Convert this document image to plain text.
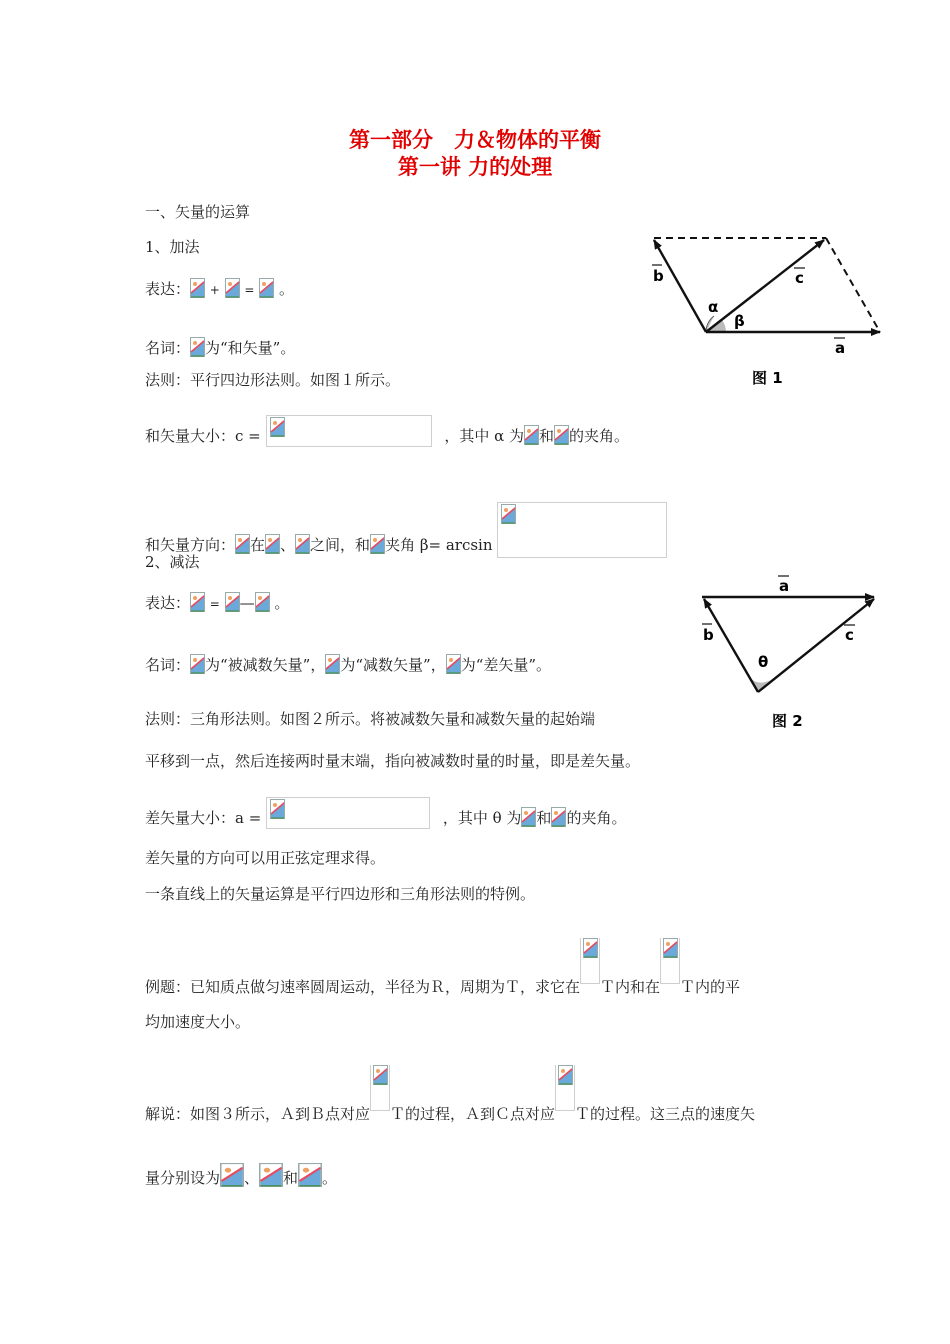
第一部分　力＆物体的平衡
第一讲 力的处理
一、矢量的运算
1、加法
表达： + = 。
名词： 为“和矢量”。
法则：平行四边形法则。如图１所示。
和矢量大小：c =	，其中 α 为 和 的夹角。
和矢量方向： 在 、 之间，和 夹角 β= arcsin
2、减法
表达： = — 。
名词： 为“被减数矢量”， 为“减数矢量”， 为“差矢量”。
法则：三角形法则。如图２所示。将被减数矢量和减数矢量的起始端
平移到一点，然后连接两时量末端，指向被减数时量的时量，即是差矢量。
差矢量大小：a =	，其中 θ 为 和 的夹角。
差矢量的方向可以用正弦定理求得。
一条直线上的矢量运算是平行四边形和三角形法则的特例。
例题：已知质点做匀速率圆周运动，半径为Ｒ，周期为Ｔ，求它在 Ｔ内和在 Ｔ内的平
均加速度大小。
解说：如图３所示，Ａ到Ｂ点对应 Ｔ的过程，Ａ到Ｃ点对应 Ｔ的过程。这三点的速度矢
量分别设为 、 和 。
b	c
a
α
β
图 1
a
b	c
θ
图 2
